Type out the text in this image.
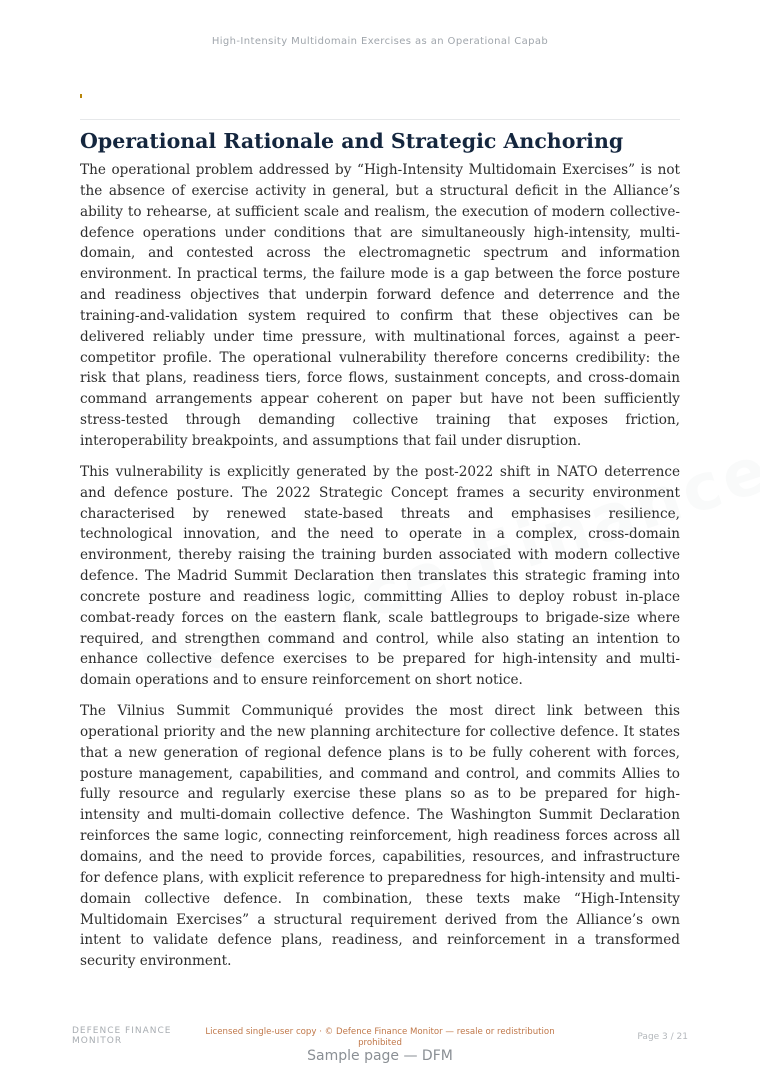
High-Intensity Multidomain Exercises as an Operational Capab
Operational Rationale and Strategic Anchoring

The operational problem addressed by “High-Intensity Multidomain Exercises” is not the absence of exercise activity in general, but a structural deficit in the Alliance’s ability to rehearse, at sufficient scale and realism, the execution of modern collective-defence operations under conditions that are simultaneously high-intensity, multi-domain, and contested across the electromagnetic spectrum and information environment. In practical terms, the failure mode is a gap between the force posture and readiness objectives that underpin forward defence and deterrence and the training-and-validation system required to confirm that these objectives can be delivered reliably under time pressure, with multinational forces, against a peer-competitor profile. The operational vulnerability therefore concerns credibility: the risk that plans, readiness tiers, force flows, sustainment concepts, and cross-domain command arrangements appear coherent on paper but have not been sufficiently stress-tested through demanding collective training that exposes friction, interoperability breakpoints, and assumptions that fail under disruption.

This vulnerability is explicitly generated by the post-2022 shift in NATO deterrence and defence posture. The 2022 Strategic Concept frames a security environment characterised by renewed state-based threats and emphasises resilience, technological innovation, and the need to operate in a complex, cross-domain environment, thereby raising the training burden associated with modern collective defence. The Madrid Summit Declaration then translates this strategic framing into concrete posture and readiness logic, committing Allies to deploy robust in-place combat-ready forces on the eastern flank, scale battlegroups to brigade-size where required, and strengthen command and control, while also stating an intention to enhance collective defence exercises to be prepared for high-intensity and multi-domain operations and to ensure reinforcement on short notice.

The Vilnius Summit Communiqué provides the most direct link between this operational priority and the new planning architecture for collective defence. It states that a new generation of regional defence plans is to be fully coherent with forces, posture management, capabilities, and command and control, and commits Allies to fully resource and regularly exercise these plans so as to be prepared for high-intensity and multi-domain collective defence. The Washington Summit Declaration reinforces the same logic, connecting reinforcement, high readiness forces across all domains, and the need to provide forces, capabilities, resources, and infrastructure for defence plans, with explicit reference to preparedness for high-intensity and multi-domain collective defence. In combination, these texts make “High-Intensity Multidomain Exercises” a structural requirement derived from the Alliance’s own intent to validate defence plans, readiness, and reinforcement in a transformed security environment.

DEFENCE FINANCE
MONITOR
Licensed single-user copy · © Defence Finance Monitor — resale or redistribution
prohibited
Page 3 / 21
Sample page — DFM
